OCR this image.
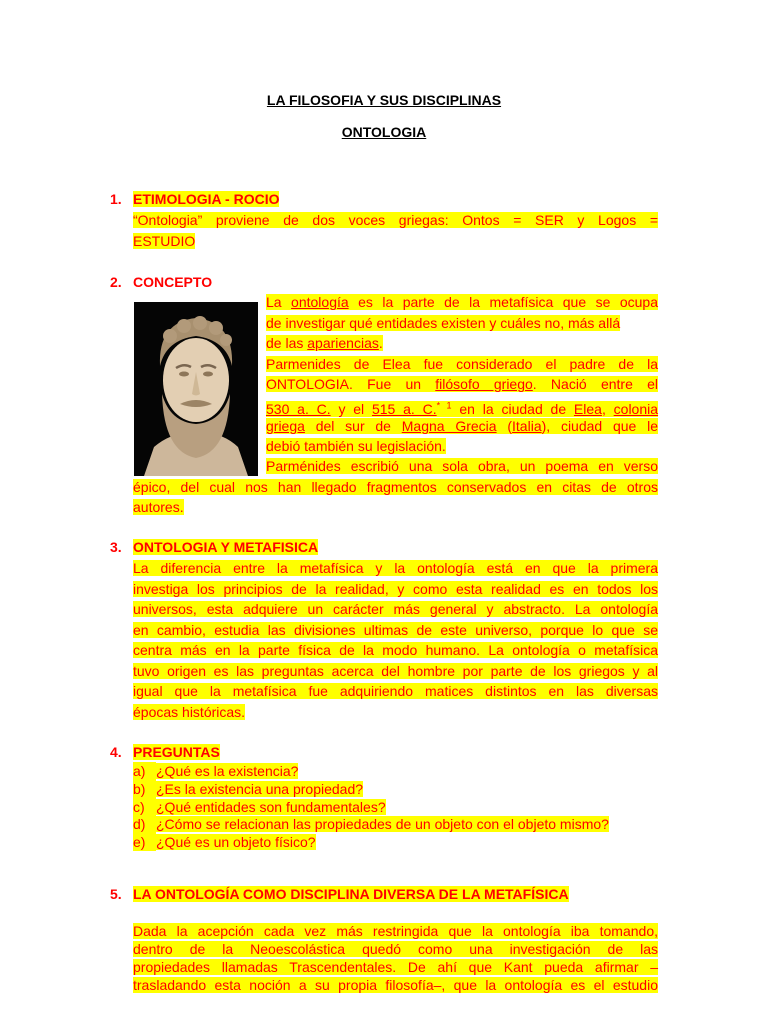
LA FILOSOFIA Y SUS DISCIPLINAS
ONTOLOGIA
1. ETIMOLOGIA - ROCIO
“Ontologia” proviene de dos voces griegas: Ontos = SER y Logos =
ESTUDIO
2. CONCEPTO
La ontología es la parte de la metafísica que se ocupa
de investigar qué entidades existen y cuáles no, más allá
de las apariencias.
Parmenides de Elea fue considerado el padre de la
ONTOLOGIA. Fue un filósofo griego. Nació entre el
530 a. C. y el 515 a. C.$^{* 1}$ en la ciudad de Elea, colonia
griega del sur de Magna Grecia (Italia), ciudad que le
debió también su legislación.
Parménides escribió una sola obra, un poema en verso
épico, del cual nos han llegado fragmentos conservados en citas de otros
autores.
3. ONTOLOGIA Y METAFISICA
La diferencia entre la metafísica y la ontología está en que la primera
investiga los principios de la realidad, y como esta realidad es en todos los
universos, esta adquiere un carácter más general y abstracto. La ontología
en cambio, estudia las divisiones ultimas de este universo, porque lo que se
centra más en la parte física de la modo humano. La ontología o metafísica
tuvo origen es las preguntas acerca del hombre por parte de los griegos y al
igual que la metafísica fue adquiriendo matices distintos en las diversas
épocas históricas.
4. PREGUNTAS
a) ¿Qué es la existencia?
b) ¿Es la existencia una propiedad?
c) ¿Qué entidades son fundamentales?
d) ¿Cómo se relacionan las propiedades de un objeto con el objeto mismo?
e) ¿Qué es un objeto físico?
5. LA ONTOLOGÍA COMO DISCIPLINA DIVERSA DE LA METAFÍSICA
Dada la acepción cada vez más restringida que la ontología iba tomando,
dentro de la Neoescolástica quedó como una investigación de las
propiedades llamadas Trascendentales. De ahí que Kant pueda afirmar –
trasladando esta noción a su propia filosofía–, que la ontología es el estudio
